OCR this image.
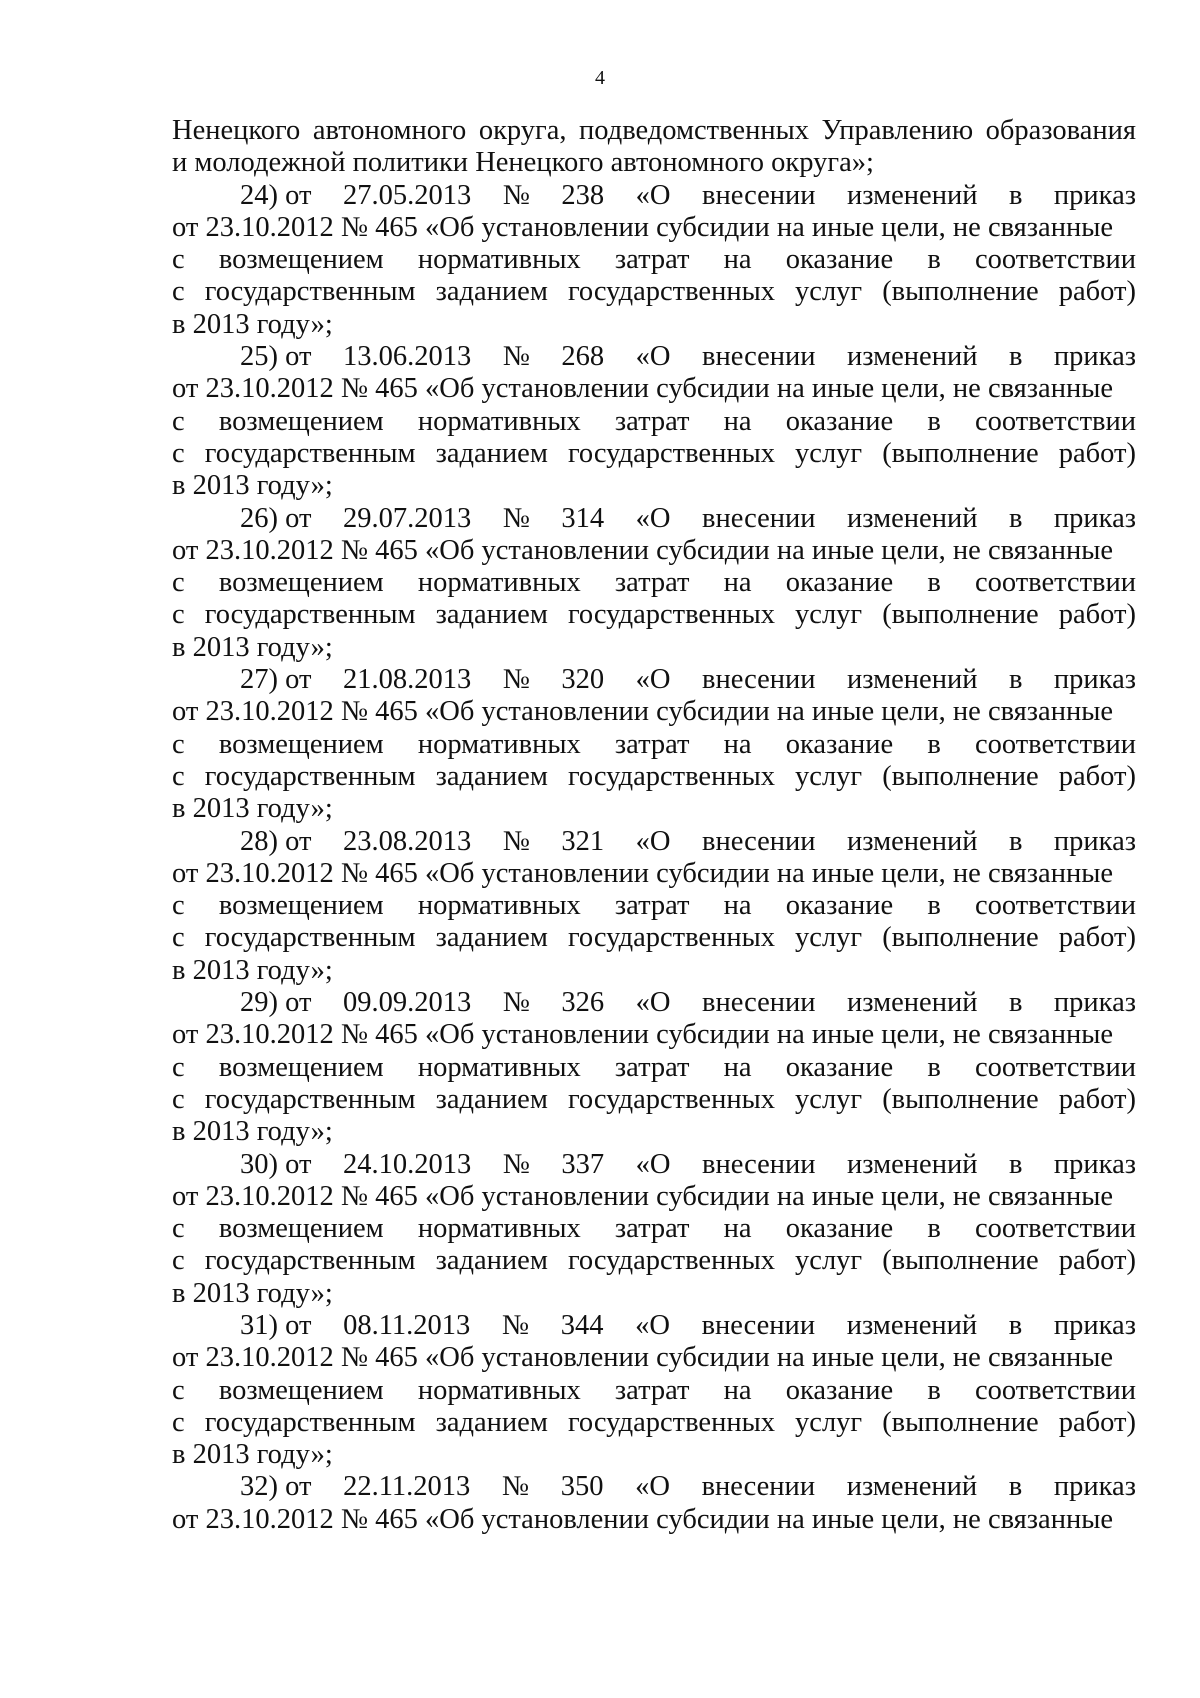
4
Ненецкого автономного округа, подведомственных Управлению образования
и молодежной политики Ненецкого автономного округа»;
24) от 27.05.2013 № 238 «О внесении изменений в приказ
от 23.10.2012 № 465 «Об установлении субсидии на иные цели, не связанные
с возмещением нормативных затрат на оказание в соответствии
с государственным заданием государственных услуг (выполнение работ)
в 2013 году»;
25) от 13.06.2013 № 268 «О внесении изменений в приказ
от 23.10.2012 № 465 «Об установлении субсидии на иные цели, не связанные
с возмещением нормативных затрат на оказание в соответствии
с государственным заданием государственных услуг (выполнение работ)
в 2013 году»;
26) от 29.07.2013 № 314 «О внесении изменений в приказ
от 23.10.2012 № 465 «Об установлении субсидии на иные цели, не связанные
с возмещением нормативных затрат на оказание в соответствии
с государственным заданием государственных услуг (выполнение работ)
в 2013 году»;
27) от 21.08.2013 № 320 «О внесении изменений в приказ
от 23.10.2012 № 465 «Об установлении субсидии на иные цели, не связанные
с возмещением нормативных затрат на оказание в соответствии
с государственным заданием государственных услуг (выполнение работ)
в 2013 году»;
28) от 23.08.2013 № 321 «О внесении изменений в приказ
от 23.10.2012 № 465 «Об установлении субсидии на иные цели, не связанные
с возмещением нормативных затрат на оказание в соответствии
с государственным заданием государственных услуг (выполнение работ)
в 2013 году»;
29) от 09.09.2013 № 326 «О внесении изменений в приказ
от 23.10.2012 № 465 «Об установлении субсидии на иные цели, не связанные
с возмещением нормативных затрат на оказание в соответствии
с государственным заданием государственных услуг (выполнение работ)
в 2013 году»;
30) от 24.10.2013 № 337 «О внесении изменений в приказ
от 23.10.2012 № 465 «Об установлении субсидии на иные цели, не связанные
с возмещением нормативных затрат на оказание в соответствии
с государственным заданием государственных услуг (выполнение работ)
в 2013 году»;
31) от 08.11.2013 № 344 «О внесении изменений в приказ
от 23.10.2012 № 465 «Об установлении субсидии на иные цели, не связанные
с возмещением нормативных затрат на оказание в соответствии
с государственным заданием государственных услуг (выполнение работ)
в 2013 году»;
32) от 22.11.2013 № 350 «О внесении изменений в приказ
от 23.10.2012 № 465 «Об установлении субсидии на иные цели, не связанные
